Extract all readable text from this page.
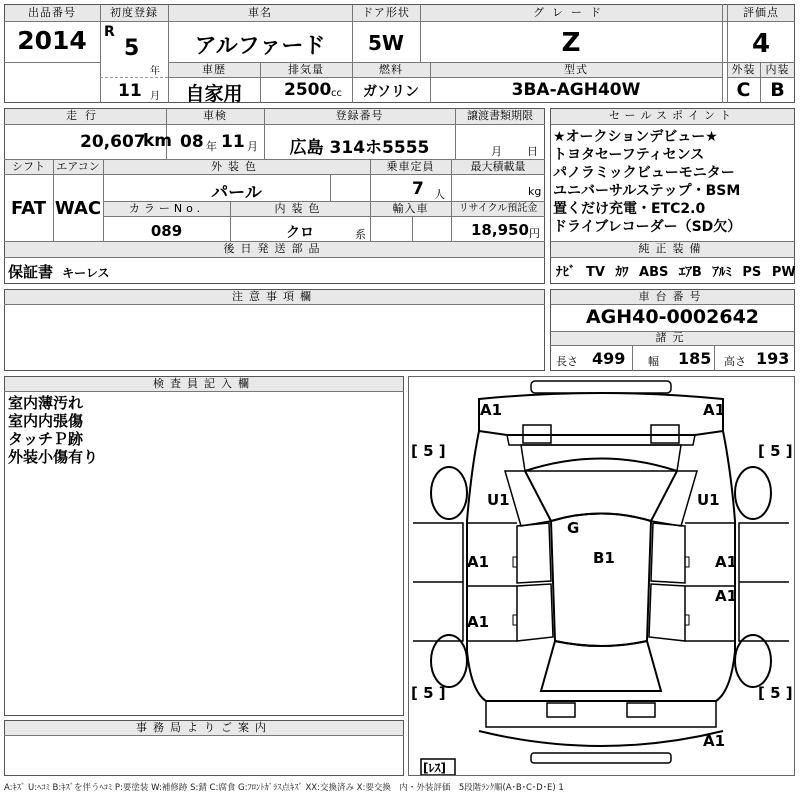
出品番号
2014
初度登録
R
5
年
11 月
車名
アルファード
ドア形状
5W
グレード
Z
評価点
4
車歴
自家用
排気量
2500 cc
燃料
ガソリン
型式
3BA-AGH40W
外装
C
内装
B
走行
20,607
km
車検
08 年 11 月
登録番号
広島 314ホ5555
譲渡書類期限
月 日
シフト
FAT
エアコン
WAC
外装色
パール
乗車定員
7 人
最大積載量
kg
カラーNo.
089
内装色
クロ	系
輸入車	リサイクル預託金
18,950 円
後日発送部品
保証書 キーレス
セールスポイント
★オークションデビュー★
トヨタセーフティセンス
パノラミックビューモニター
ユニバーサルステップ・BSM
置くだけ充電・ETC2.0
ドライブレコーダー（SD欠）
純正装備
ﾅﾋﾞ TV ｶﾜ ABS ｴｱB ｱﾙﾐ PS PW
注意事項欄	車台番号
AGH40-0002642
諸元
長さ 499 幅 185 高さ 193
検査員記入欄
室内薄汚れ
室内内張傷
タッチＰ跡
外装小傷有り
事務局よりご案内
A1	A1
[ 5 ]	[ 5 ]
U1	U1
G
B1
A1	A1
A1
A1
[ 5 ]	[ 5 ]
A1
[ﾚｽ]
A:ｷｽﾞ U:ﾍｺﾐ B:ｷｽﾞを伴うﾍｺﾐ P:要塗装 W:補修跡 S:錆 C:腐食 G:ﾌﾛﾝﾄｶﾞﾗｽ点ｷｽﾞ XX:交換済み X:要交換　内・外装評価　5段階ﾗﾝｸ順(A･B･C･D･E) 1
